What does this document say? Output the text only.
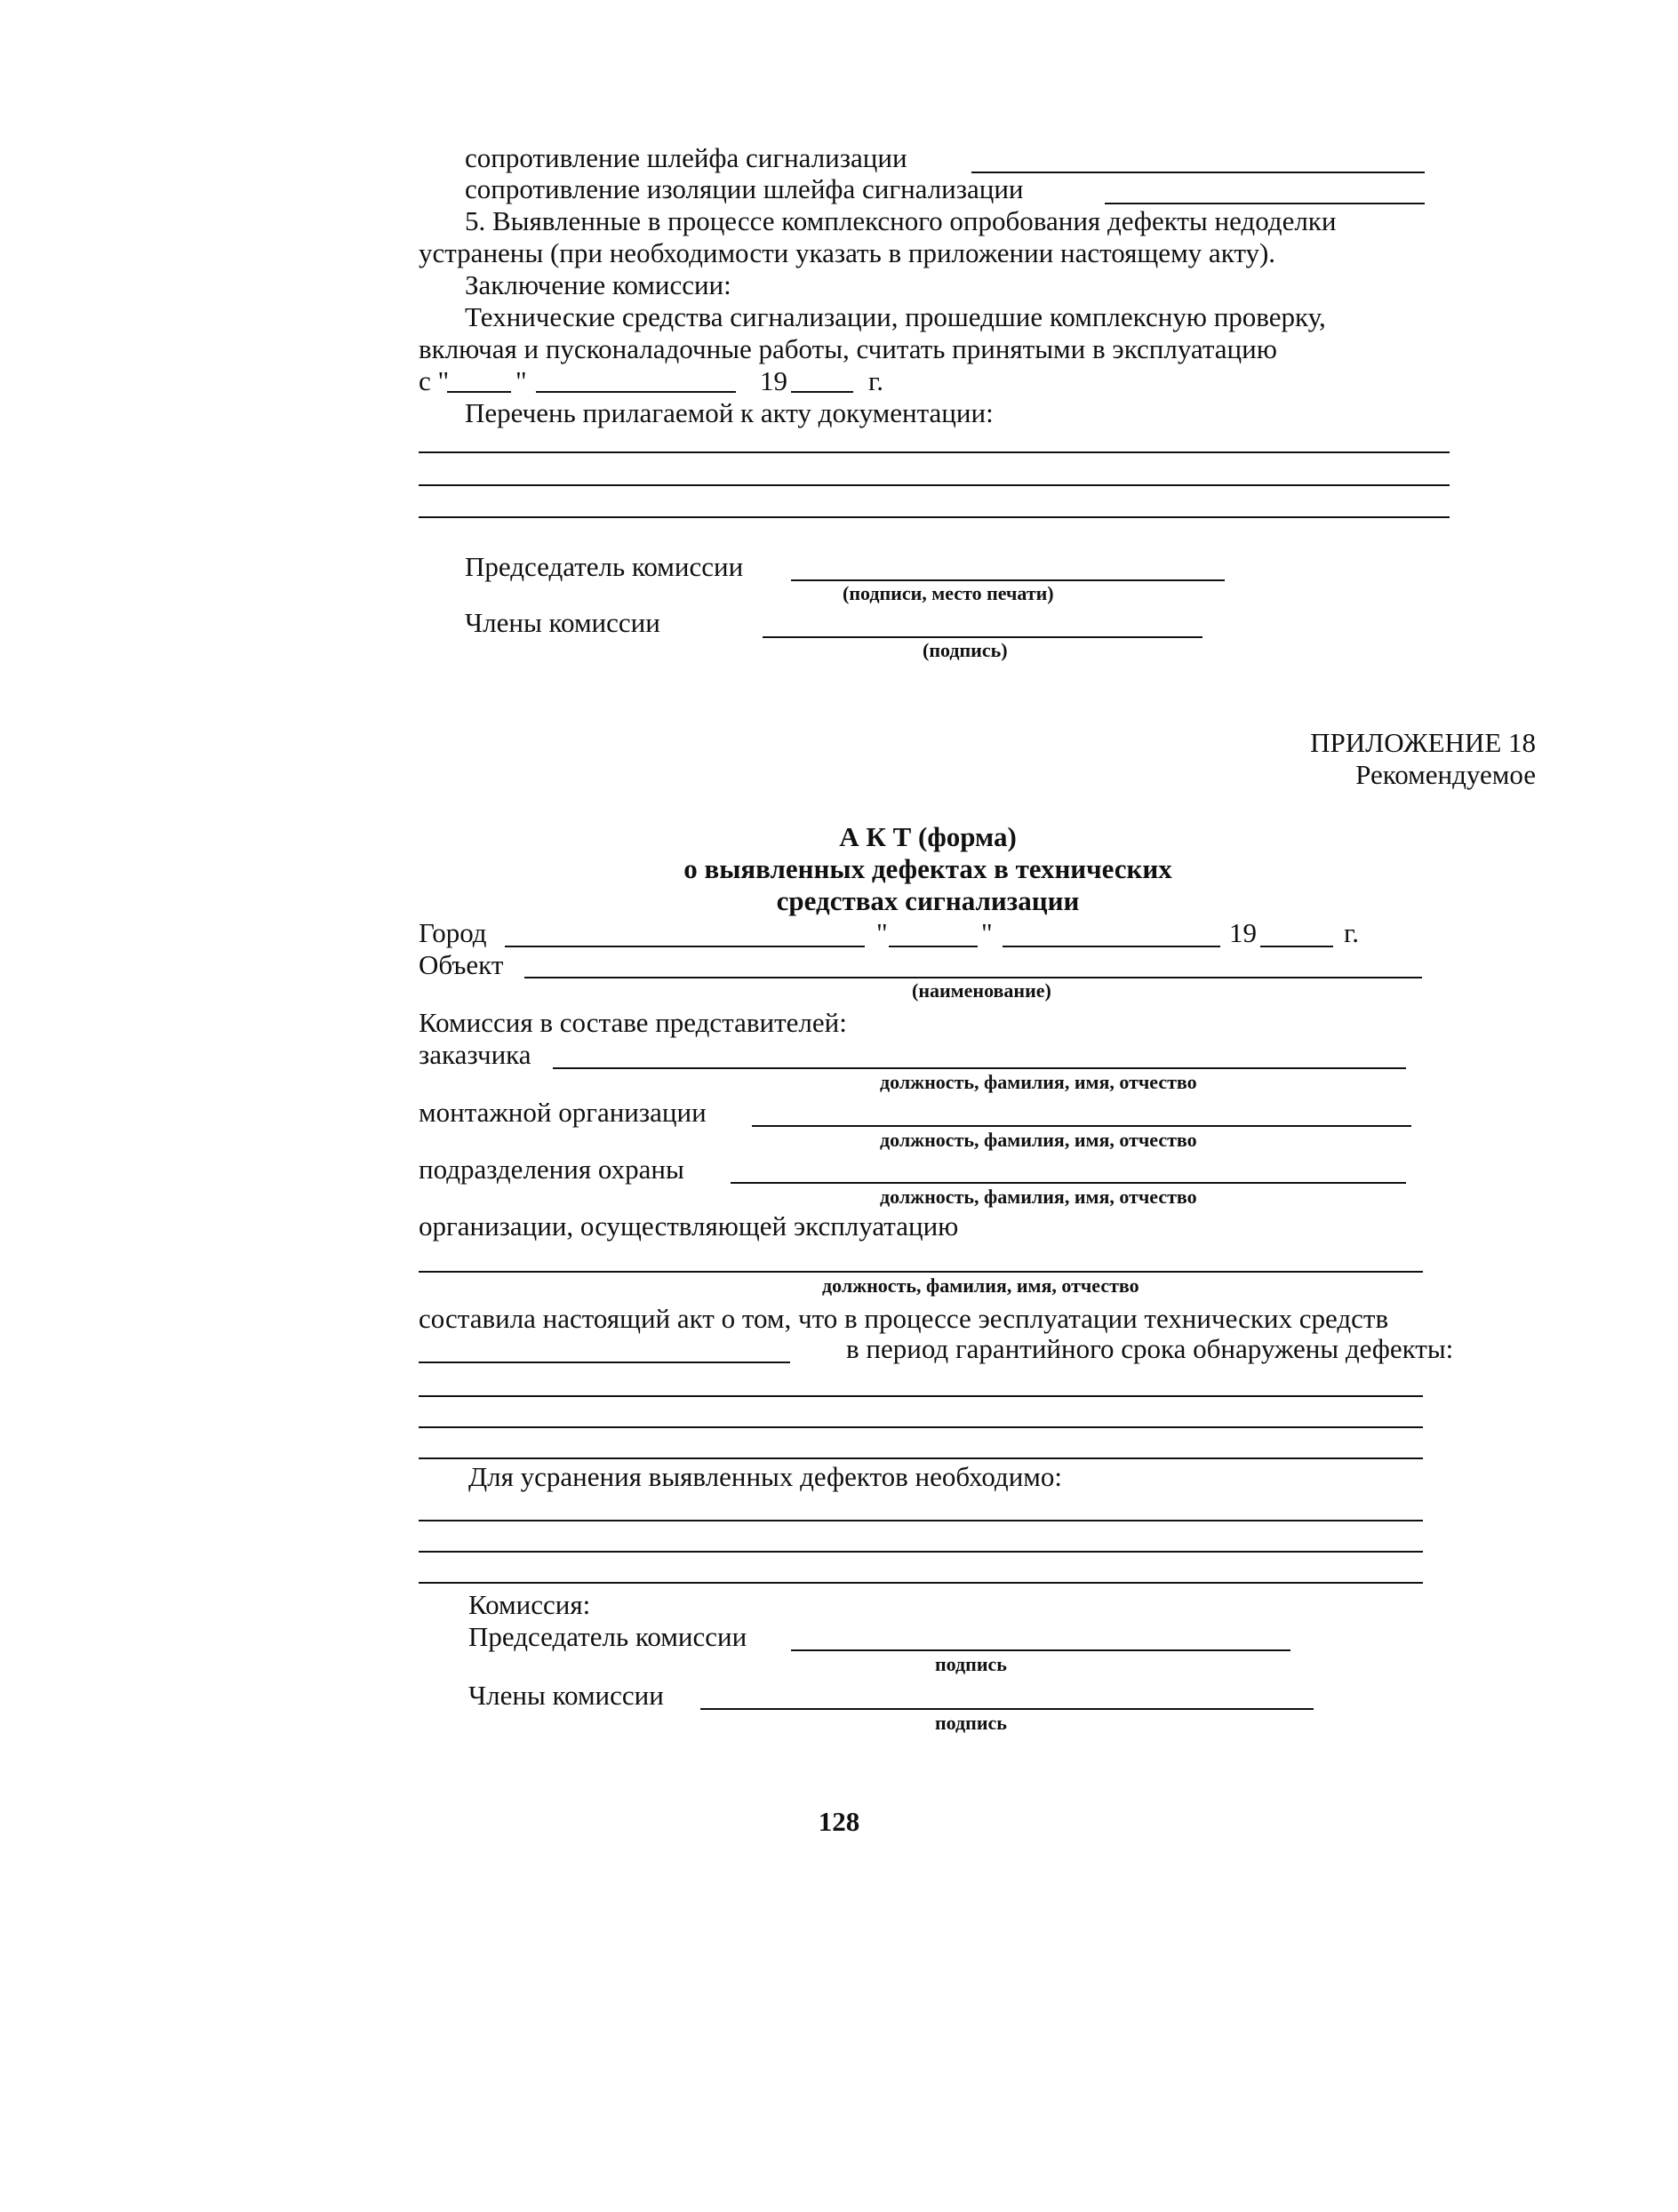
сопротивление шлейфа сигнализации
сопротивление изоляции шлейфа сигнализации
5. Выявленные в процессе комплексного опробования дефекты недоделки
устранены (при необходимости указать в приложении настоящему акту).
Заключение комиссии:
Технические средства сигнализации, прошедшие комплексную проверку,
включая и пусконаладочные работы, считать принятыми в эксплуатацию
с " "	19	г.
Перечень прилагаемой к акту документации:
Председатель комиссии
(подписи, место печати)
Члены комиссии
(подпись)
ПРИЛОЖЕНИЕ 18
Рекомендуемое
А К Т (форма)
о выявленных дефектах в технических
средствах сигнализации
Город	"	"	19	г.
Объект
(наименование)
Комиссия в составе представителей:
заказчика
должность, фамилия, имя, отчество
монтажной организации
должность, фамилия, имя, отчество
подразделения охраны
должность, фамилия, имя, отчество
организации, осуществляющей эксплуатацию
должность, фамилия, имя, отчество
составила настоящий акт о том, что в процессе эесплуатации технических средств
в период гарантийного срока обнаружены дефекты:
Для усранения выявленных дефектов необходимо:
Комиссия:
Председатель комиссии
подпись
Члены комиссии
подпись
128
